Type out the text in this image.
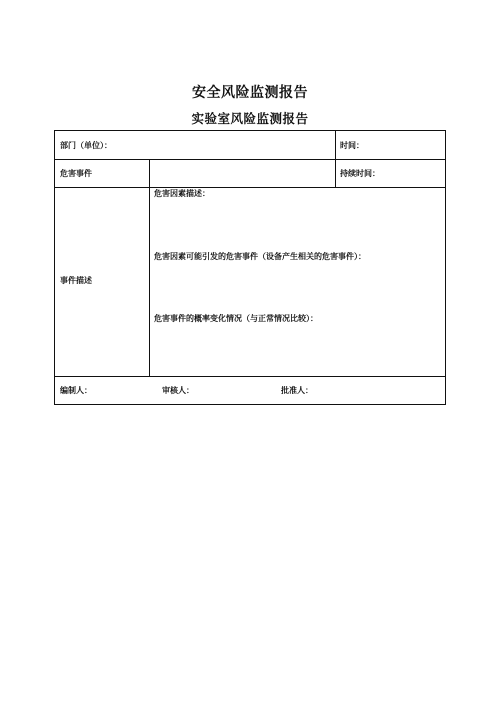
安全风险监测报告
实验室风险监测报告
部门（单位）：	时间：
危害事件	持续时间：
事件描述
危害因素描述：
危害因素可能引发的危害事件（设备产生相关的危害事件）：
危害事件的概率变化情况（与正常情况比较）：
编制人：	审核人：	批准人：
